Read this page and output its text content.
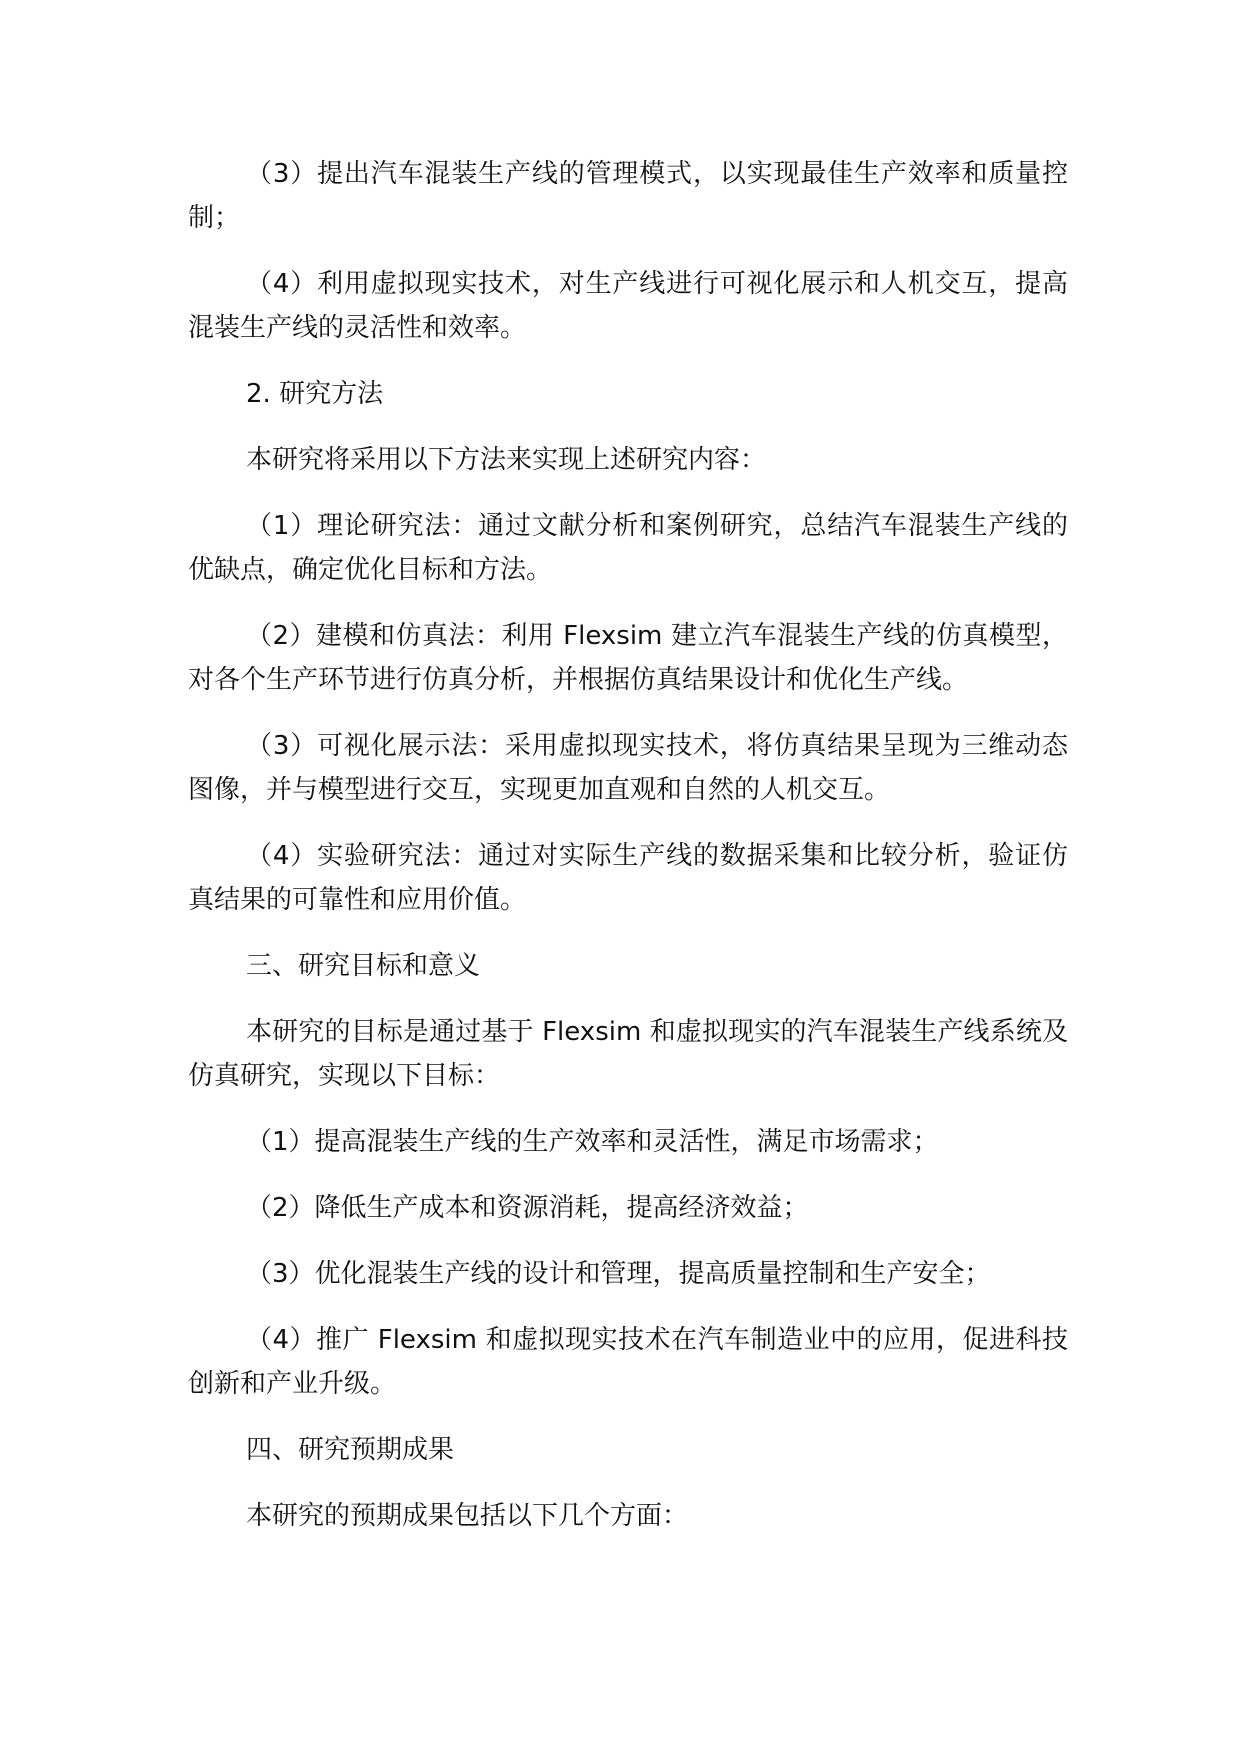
（3）提出汽车混装生产线的管理模式，以实现最佳生产效率和质量控制；

（4）利用虚拟现实技术，对生产线进行可视化展示和人机交互，提高混装生产线的灵活性和效率。

2. 研究方法

本研究将采用以下方法来实现上述研究内容：

（1）理论研究法：通过文献分析和案例研究，总结汽车混装生产线的优缺点，确定优化目标和方法。

（2）建模和仿真法：利用 Flexsim 建立汽车混装生产线的仿真模型，对各个生产环节进行仿真分析，并根据仿真结果设计和优化生产线。

（3）可视化展示法：采用虚拟现实技术，将仿真结果呈现为三维动态图像，并与模型进行交互，实现更加直观和自然的人机交互。

（4）实验研究法：通过对实际生产线的数据采集和比较分析，验证仿真结果的可靠性和应用价值。

三、研究目标和意义

本研究的目标是通过基于 Flexsim 和虚拟现实的汽车混装生产线系统及仿真研究，实现以下目标：

（1）提高混装生产线的生产效率和灵活性，满足市场需求；

（2）降低生产成本和资源消耗，提高经济效益；

（3）优化混装生产线的设计和管理，提高质量控制和生产安全；

（4）推广 Flexsim 和虚拟现实技术在汽车制造业中的应用，促进科技创新和产业升级。

四、研究预期成果

本研究的预期成果包括以下几个方面：
